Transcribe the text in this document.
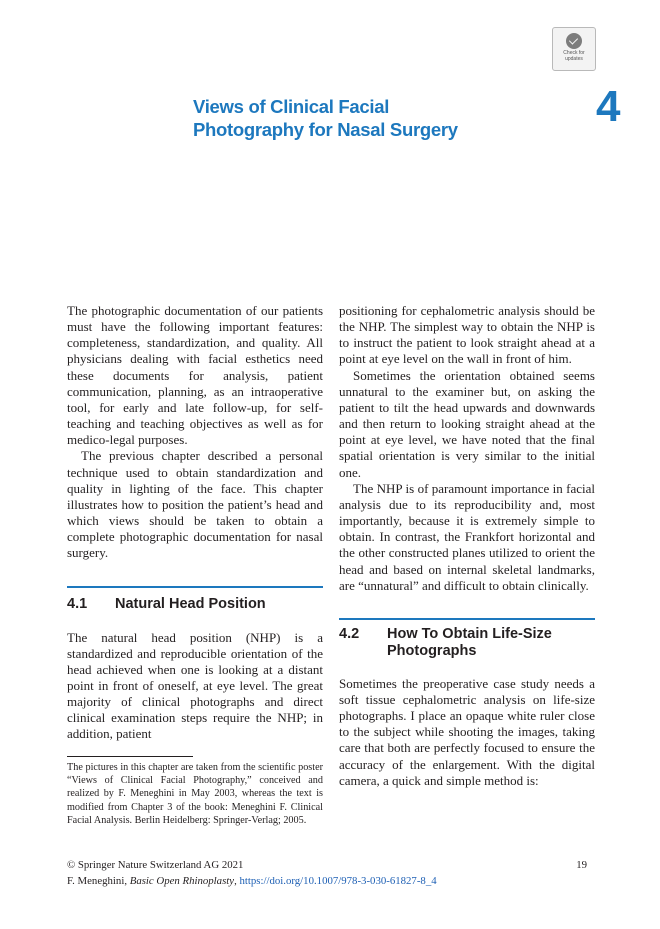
Check for
updates
Views of Clinical Facial
Photography for Nasal Surgery	4

The photographic documentation of our patients must have the following important features: completeness, standardization, and quality. All physicians dealing with facial esthetics need these documents for analysis, patient communication, planning, as an intraoperative tool, for early and late follow-up, for self-teaching and teaching objectives as well as for medico-legal purposes.

The previous chapter described a personal technique used to obtain standardization and quality in lighting of the face. This chapter illustrates how to position the patient’s head and which views should be taken to obtain a complete photographic documentation for nasal surgery.

4.1	Natural Head Position

The natural head position (NHP) is a standardized and reproducible orientation of the head achieved when one is looking at a distant point in front of oneself, at eye level. The great majority of clinical photographs and direct clinical examination steps require the NHP; in addition, patient

The pictures in this chapter are taken from the scientific poster “Views of Clinical Facial Photography,” conceived and realized by F. Meneghini in May 2003, whereas the text is modified from Chapter 3 of the book: Meneghini F. Clinical Facial Analysis. Berlin Heidelberg: Springer-Verlag; 2005.

positioning for cephalometric analysis should be the NHP. The simplest way to obtain the NHP is to instruct the patient to look straight ahead at a point at eye level on the wall in front of him.

Sometimes the orientation obtained seems unnatural to the examiner but, on asking the patient to tilt the head upwards and downwards and then return to looking straight ahead at the point at eye level, we have noted that the final spatial orientation is very similar to the initial one.

The NHP is of paramount importance in facial analysis due to its reproducibility and, most importantly, because it is extremely simple to obtain. In contrast, the Frankfort horizontal and the other constructed planes utilized to orient the head and based on internal skeletal landmarks, are “unnatural” and difficult to obtain clinically.

4.2	How To Obtain Life-Size Photographs

Sometimes the preoperative case study needs a soft tissue cephalometric analysis on life-size photographs. I place an opaque white ruler close to the subject while shooting the images, taking care that both are perfectly focused to ensure the accuracy of the enlargement. With the digital camera, a quick and simple method is:

© Springer Nature Switzerland AG 2021
F. Meneghini, Basic Open Rhinoplasty, https://doi.org/10.1007/978-3-030-61827-8_4
19
